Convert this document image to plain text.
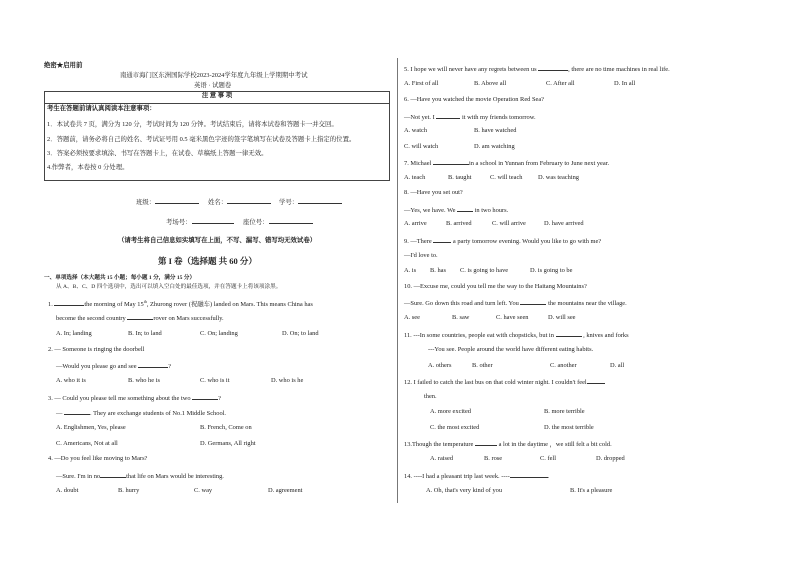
绝密★启用前
南通市海门区东洲国际学校2023-2024学年度九年级上学期期中考试
英语 · 试题卷
注 意 事 项
考生在答题前请认真阅读本注意事项：
1．本试卷共 7 页，满分为 120 分，考试时间为 120 分钟。考试结束后，请将本试卷和答题卡一并交回。
2．答题前，请务必将自己的姓名、考试证号用 0.5 毫米黑色字迹的签字笔填写在试卷及答题卡上指定的位置。
3．答案必须按要求填涂、书写在答题卡上，在试卷、草稿纸上答题一律无效。
4.作弊者，本卷按 0 分处理。
班级：	姓名：	学号：
考场号：	座位号：
（请考生将自己信息如实填写在上面，不写、漏写、错写均无效试卷）
第 I 卷（选择题 共 60 分）
一、单项选择（本大题共 15 小题；每小题 1 分，满分 15 分）
从 A、B、C、D 四个选项中，选出可以填入空白处的最佳选项，并在答题卡上将该项涂黑。
1.	the morning of May 15th, Zhurong rover (祝融车) landed on Mars. This means China has
become the second country	rover on Mars successfully.
A. In; landing	B. In; to land	C. On; landing	D. On; to land
2. — Someone is ringing the doorbell
—Would you please go and see	?
A. who it is	B. who he is	C. who is it	D. who is he
3. — Could you please tell me something about the two	?
—	. They are exchange students of No.1 Middle School.
A. Englishmen, Yes, please	B. French, Come on
C. Americans, Not at all	D. Germans, All right
4. —Do you feel like moving to Mars?
—Sure. I'm in no	that life on Mars would be interesting.
A. doubt	B. hurry	C. way	D. agreement
5. I hope we will never have any regrets between us	, there are no time machines in real life.
A. First of all	B. Above all	C. After all	D. In all
6. —Have you watched the movie Operation Red Sea?
—Not yet. I	it with my friends tomorrow.
A. watch	B. have watched
C. will watch	D. am watching
7. Michael	in a school in Yunnan from February to June next year.
A. teach	B. taught	C. will teach D. was teaching
8. —Have you set out?
—Yes, we have. We	in two hours.
A. arrive	B. arrived	C. will arrive	D. have arrived
9. —There	a party tomorrow evening. Would you like to go with me?
—I'd love to.
A. is B. has C. is going to have	D. is going to be
10. —Excuse me, could you tell me the way to the Haitang Mountains?
—Sure. Go down this road and turn left. You	the mountains near the village.
A. see	B. saw	C. have seen	D. will see
11. ---In some countries, people eat with chopsticks, but in	, knives and forks
---You see. People around the world have different eating habits.
A. others	B. other	C. another	D. all
12. I failed to catch the last bus on that cold winter night. I couldn't feel
then.
A. more excited	B. more terrible
C. the most excited	D. the most terrible
13.Though the temperature	a lot in the daytime ，we still felt a bit cold.
A. raised	B. rose	C. fell	D. dropped
14. ----I had a pleasant trip last week. ----	.
A. Oh, that's very kind of you	B. It's a pleasure
